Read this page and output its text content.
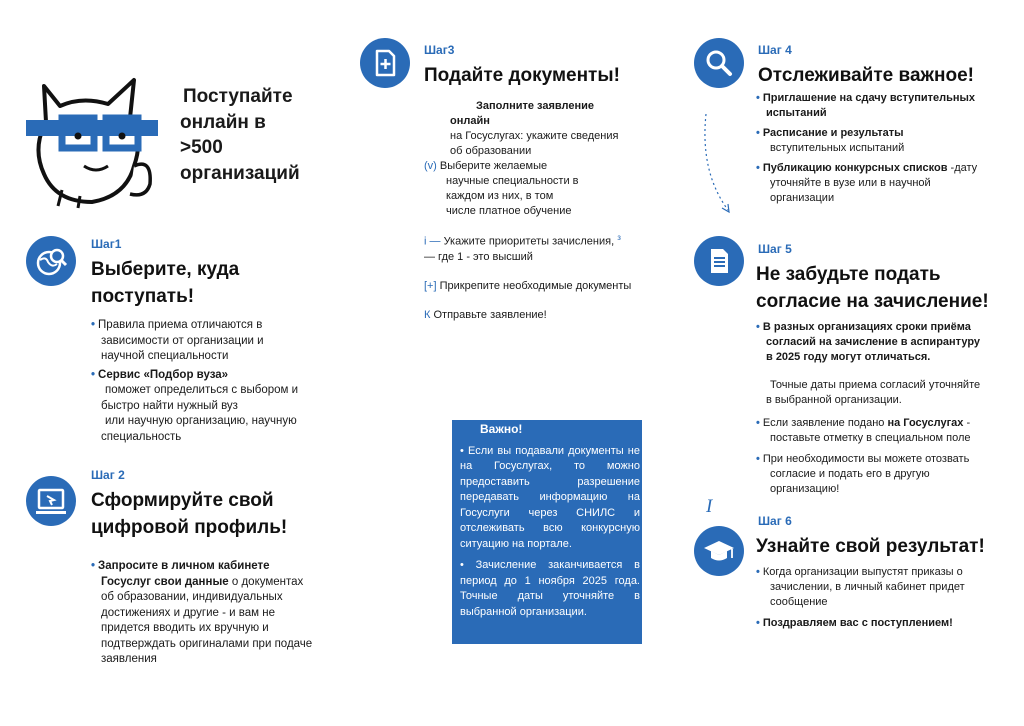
Поступайте
онлайн в
>500
организаций
Шаг1
Выберите, куда
поступать!
• Правила приема отличаются в
зависимости от организации и
научной специальности
• Сервис «Подбор вуза»
поможет определиться с выбором и
быстро найти нужный вуз
или научную организацию, научную
специальность
Шаг 2
Сформируйте свой
цифровой профиль!
• Запросите в личном кабинете
Госуслуг свои данные о документах
об образовании, индивидуальных
достижениях и другие - и вам не
придется вводить их вручную и
подтверждать оригиналами при подаче
заявления
Шаг3
Подайте документы!
Заполните заявление
онлайн
на Госуслугах: укажите сведения
об образовании
(v) Выберите желаемые
научные специальности в
каждом из них, в том
числе платное обучение
i — Укажите приоритеты зачисления, $^з$
— где 1 - это высший
[+] Прикрепите необходимые документы
К Отправьте заявление!
Важно!
• Если вы подавали документы не на Госуслугах, то можно предоставить разрешение передавать информацию на Госуслуги через СНИЛС и отслеживать всю конкурсную ситуацию на портале.
• Зачисление заканчивается в период до 1 ноября 2025 года. Точные даты уточняйте в выбранной организации.
Шаг 4
Отслеживайте важное!
• Приглашение на сдачу вступительных
испытаний
• Расписание и результаты
вступительных испытаний
• Публикацию конкурсных списков -дату
уточняйте в вузе или в научной
организации
Шаг 5
Не забудьте подать
согласие на зачисление!
• В разных организациях сроки приёма
согласий на зачисление в аспирантуру
в 2025 году могут отличаться.
Точные даты приема согласий уточняйте
в выбранной организации.
• Если заявление подано на Госуслугах -
поставьте отметку в специальном поле
• При необходимости вы можете отозвать
согласие и подать его в другую
организацию!
I
Шаг 6
Узнайте свой результат!
• Когда организации выпустят приказы о
зачислении, в личный кабинет придет
сообщение
• Поздравляем вас с поступлением!
